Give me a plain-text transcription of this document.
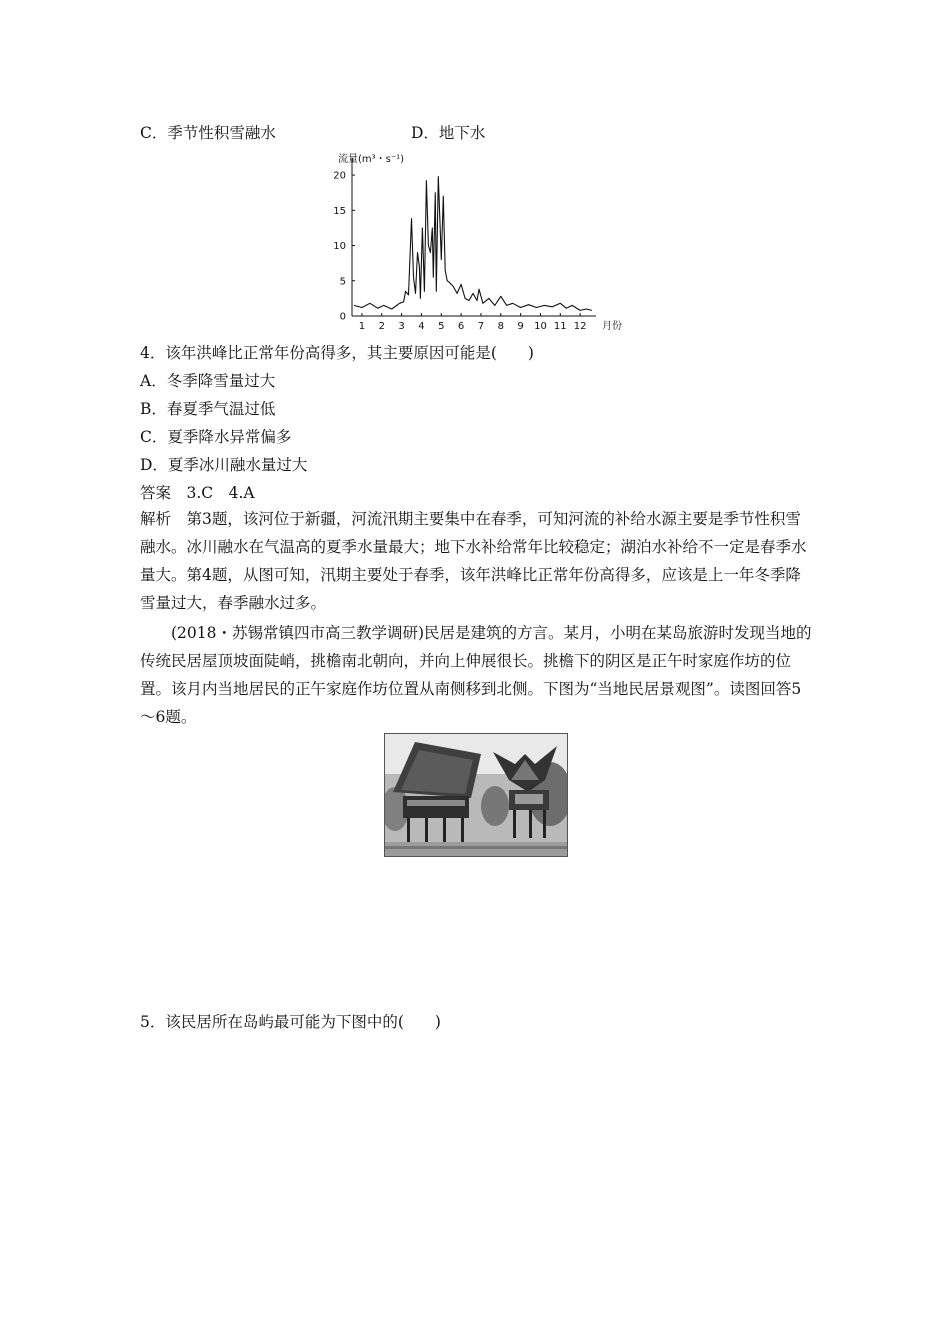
C．季节性积雪融水	D．地下水
流量(m³・s⁻¹)
0
5
10
15
20
1 2 3 4 5 6 7 8 9 10 11 12 月份
4．该年洪峰比正常年份高得多，其主要原因可能是(　　)
A．冬季降雪量过大
B．春夏季气温过低
C．夏季降水异常偏多
D．夏季冰川融水量过大
答案　3.C　4.A
解析　第3题，该河位于新疆，河流汛期主要集中在春季，可知河流的补给水源主要是季节性积雪融水。冰川融水在气温高的夏季水量最大；地下水补给常年比较稳定；湖泊水补给不一定是春季水量大。第4题，从图可知，汛期主要处于春季，该年洪峰比正常年份高得多，应该是上一年冬季降雪量过大，春季融水过多。
(2018・苏锡常镇四市高三教学调研)民居是建筑的方言。某月，小明在某岛旅游时发现当地的传统民居屋顶坡面陡峭，挑檐南北朝向，并向上伸展很长。挑檐下的阴区是正午时家庭作坊的位置。该月内当地居民的正午家庭作坊位置从南侧移到北侧。下图为“当地民居景观图”。读图回答5～6题。
5．该民居所在岛屿最可能为下图中的(　　)
